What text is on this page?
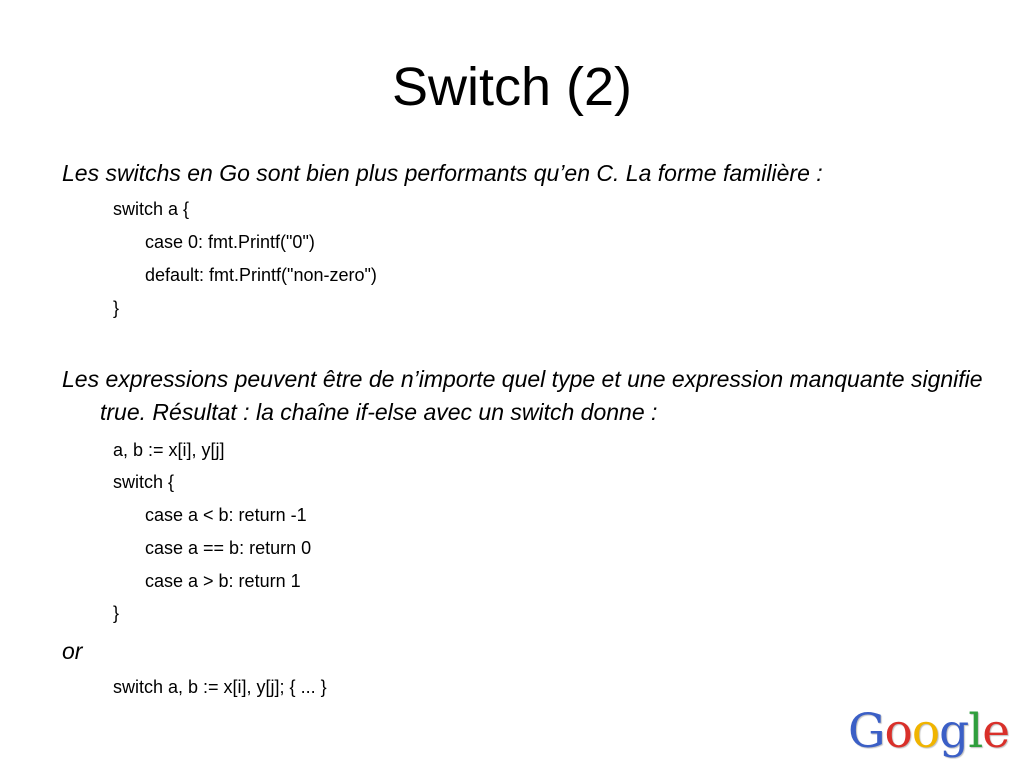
Switch (2)

Les switchs en Go sont bien plus performants qu’en C. La forme familière :

switch a {

case 0: fmt.Printf("0")

default: fmt.Printf("non-zero")

}

Les expressions peuvent être de n’importe quel type et une expression manquante signifie true. Résultat : la chaîne if-else avec un switch donne :

a, b := x[i], y[j]

switch {

case a < b: return -1

case a == b: return 0

case a > b: return 1

}

or

switch a, b := x[i], y[j]; { ... }

Google
